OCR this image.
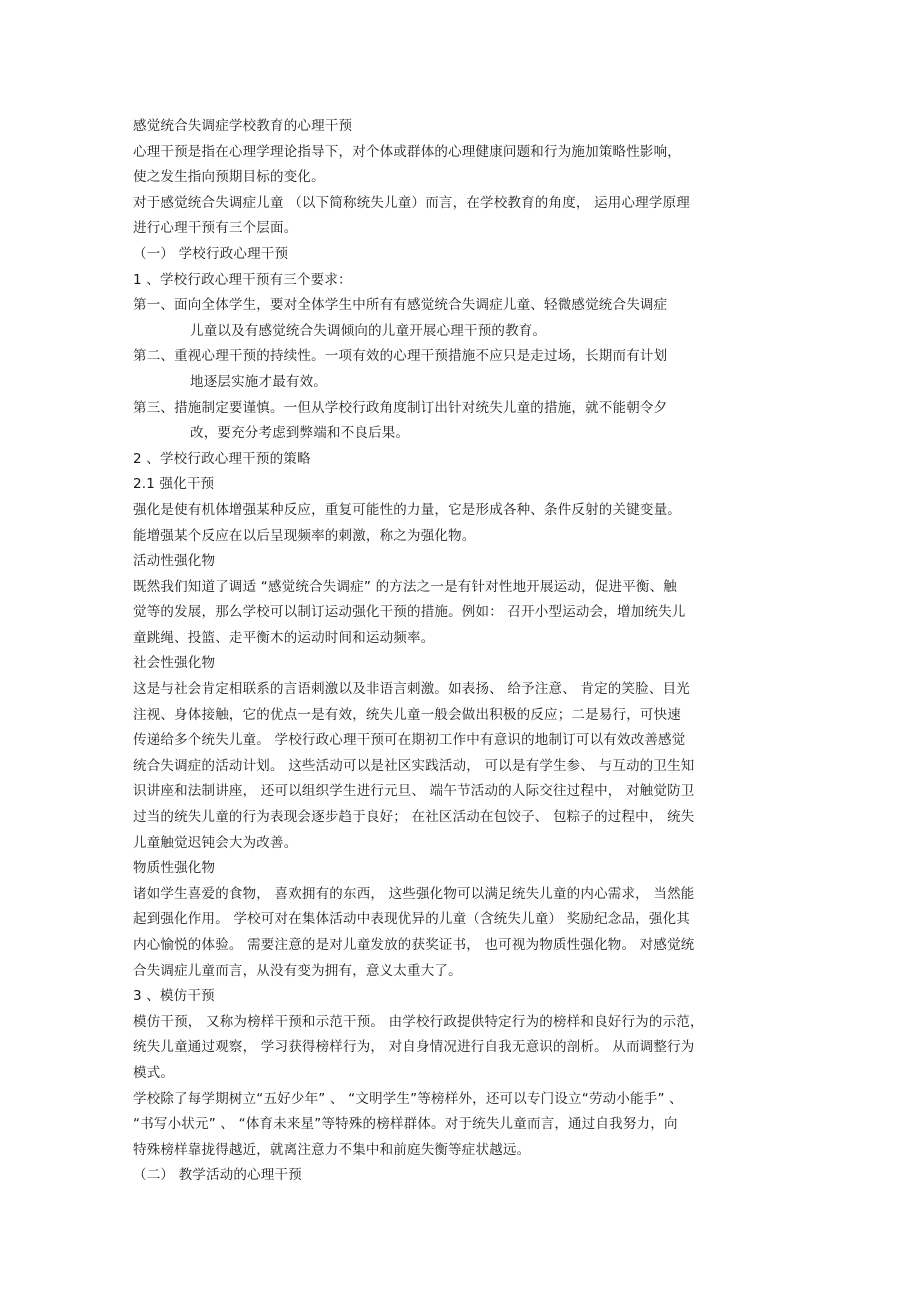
感觉统合失调症学校教育的心理干预
心理干预是指在心理学理论指导下，对个体或群体的心理健康问题和行为施加策略性影响，
使之发生指向预期目标的变化。
对于感觉统合失调症儿童 （以下简称统失儿童）而言，在学校教育的角度， 运用心理学原理
进行心理干预有三个层面。
（一） 学校行政心理干预
1 、学校行政心理干预有三个要求：
第一、面向全体学生，要对全体学生中所有有感觉统合失调症儿童、轻微感觉统合失调症
儿童以及有感觉统合失调倾向的儿童开展心理干预的教育。
第二、重视心理干预的持续性。一项有效的心理干预措施不应只是走过场，长期而有计划
地逐层实施才最有效。
第三、措施制定要谨慎。一但从学校行政角度制订出针对统失儿童的措施，就不能朝令夕
改，要充分考虑到弊端和不良后果。
2 、学校行政心理干预的策略
2.1 强化干预
强化是使有机体增强某种反应，重复可能性的力量，它是形成各种、条件反射的关键变量。
能增强某个反应在以后呈现频率的刺激，称之为强化物。
活动性强化物
既然我们知道了调适 “感觉统合失调症” 的方法之一是有针对性地开展运动，促进平衡、触
觉等的发展，那么学校可以制订运动强化干预的措施。例如： 召开小型运动会，增加统失儿
童跳绳、投篮、走平衡木的运动时间和运动频率。
社会性强化物
这是与社会肯定相联系的言语刺激以及非语言刺激。如表扬、 给予注意、 肯定的笑脸、目光
注视、身体接触，它的优点一是有效，统失儿童一般会做出积极的反应；二是易行，可快速
传递给多个统失儿童。 学校行政心理干预可在期初工作中有意识的地制订可以有效改善感觉
统合失调症的活动计划。 这些活动可以是社区实践活动， 可以是有学生参、 与互动的卫生知
识讲座和法制讲座， 还可以组织学生进行元旦、 端午节活动的人际交往过程中， 对触觉防卫
过当的统失儿童的行为表现会逐步趋于良好； 在社区活动在包饺子、 包粽子的过程中， 统失
儿童触觉迟钝会大为改善。
物质性强化物
诸如学生喜爱的食物， 喜欢拥有的东西， 这些强化物可以满足统失儿童的内心需求， 当然能
起到强化作用。 学校可对在集体活动中表现优异的儿童（含统失儿童） 奖励纪念品，强化其
内心愉悦的体验。 需要注意的是对儿童发放的获奖证书， 也可视为物质性强化物。 对感觉统
合失调症儿童而言，从没有变为拥有，意义太重大了。
3 、模仿干预
模仿干预， 又称为榜样干预和示范干预。 由学校行政提供特定行为的榜样和良好行为的示范，
统失儿童通过观察， 学习获得榜样行为， 对自身情况进行自我无意识的剖析。 从而调整行为
模式。
学校除了每学期树立“五好少年” 、 “文明学生”等榜样外，还可以专门设立“劳动小能手” 、
“书写小状元” 、 “体育未来星”等特殊的榜样群体。对于统失儿童而言，通过自我努力，向
特殊榜样靠拢得越近，就离注意力不集中和前庭失衡等症状越远。
（二） 教学活动的心理干预
